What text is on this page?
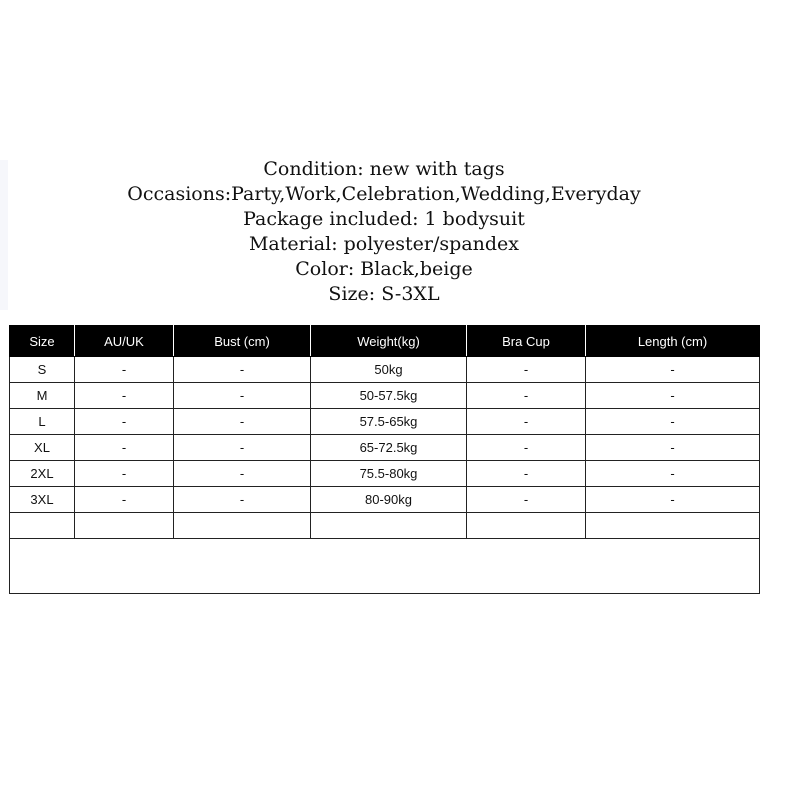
Condition: new with tags
Occasions:Party,Work,Celebration,Wedding,Everyday
Package included: 1 bodysuit
Material: polyester/spandex
Color: Black,beige
Size: S-3XL
Size	AU/UK	Bust (cm)	Weight(kg)	Bra Cup	Length (cm)
S	-	-	50kg	-	-
M	-	-	50-57.5kg	-	-
L	-	-	57.5-65kg	-	-
XL	-	-	65-72.5kg	-	-
2XL	-	-	75.5-80kg	-	-
3XL	-	-	80-90kg	-	-
